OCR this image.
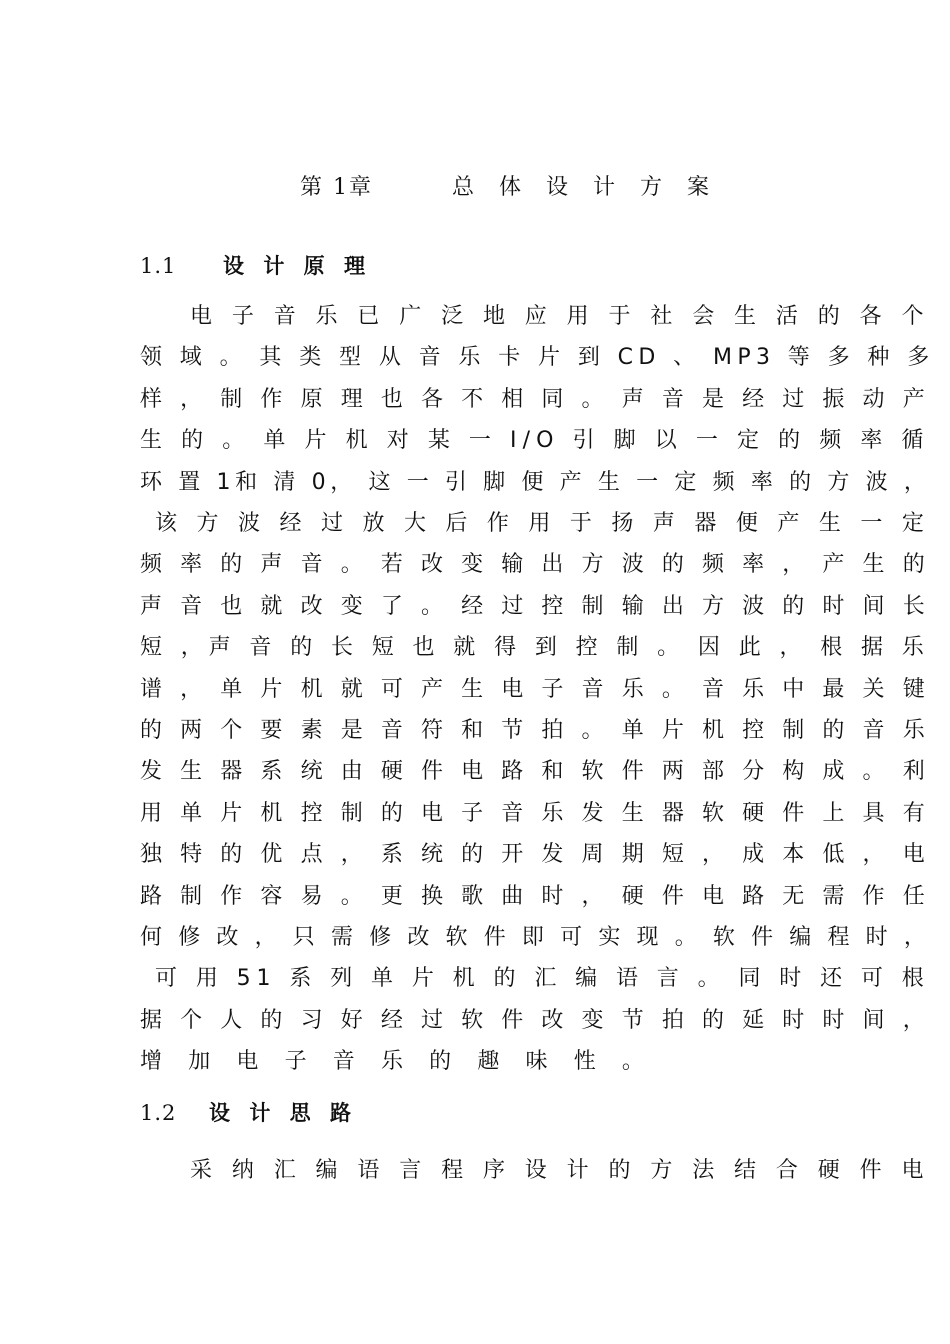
第 1章	总 体 设 计 方 案
1.1 设 计 原 理
电 子 音 乐 已 广 泛 地 应 用 于 社 会 生 活 的 各 个
领 域 。 其 类 型 从 音 乐 卡 片 到 CD 、 MP3 等 多 种 多
样 ， 制 作 原 理 也 各 不 相 同 。 声 音 是 经 过 振 动 产
生 的 。 单 片 机 对 某 一 I/O 引 脚 以 一 定 的 频 率 循
环 置 1和 清 0， 这 一 引 脚 便 产 生 一 定 频 率 的 方 波 ，
该 方 波 经 过 放 大 后 作 用 于 扬 声 器 便 产 生 一 定
频 率 的 声 音 。 若 改 变 输 出 方 波 的 频 率 ， 产 生 的
声 音 也 就 改 变 了 。 经 过 控 制 输 出 方 波 的 时 间 长
短 ，声 音 的 长 短 也 就 得 到 控 制 。 因 此 ， 根 据 乐
谱 ， 单 片 机 就 可 产 生 电 子 音 乐 。 音 乐 中 最 关 键
的 两 个 要 素 是 音 符 和 节 拍 。 单 片 机 控 制 的 音 乐
发 生 器 系 统 由 硬 件 电 路 和 软 件 两 部 分 构 成 。 利
用 单 片 机 控 制 的 电 子 音 乐 发 生 器 软 硬 件 上 具 有
独 特 的 优 点 ， 系 统 的 开 发 周 期 短 ， 成 本 低 ， 电
路 制 作 容 易 。 更 换 歌 曲 时 ， 硬 件 电 路 无 需 作 任
何 修 改 ， 只 需 修 改 软 件 即 可 实 现 。 软 件 编 程 时 ，
可 用 51 系 列 单 片 机 的 汇 编 语 言 。 同 时 还 可 根
据 个 人 的 习 好 经 过 软 件 改 变 节 拍 的 延 时 时 间 ，
增 加 电 子 音 乐 的 趣 味 性 。
1.2 设 计 思 路
采 纳 汇 编 语 言 程 序 设 计 的 方 法 结 合 硬 件 电
